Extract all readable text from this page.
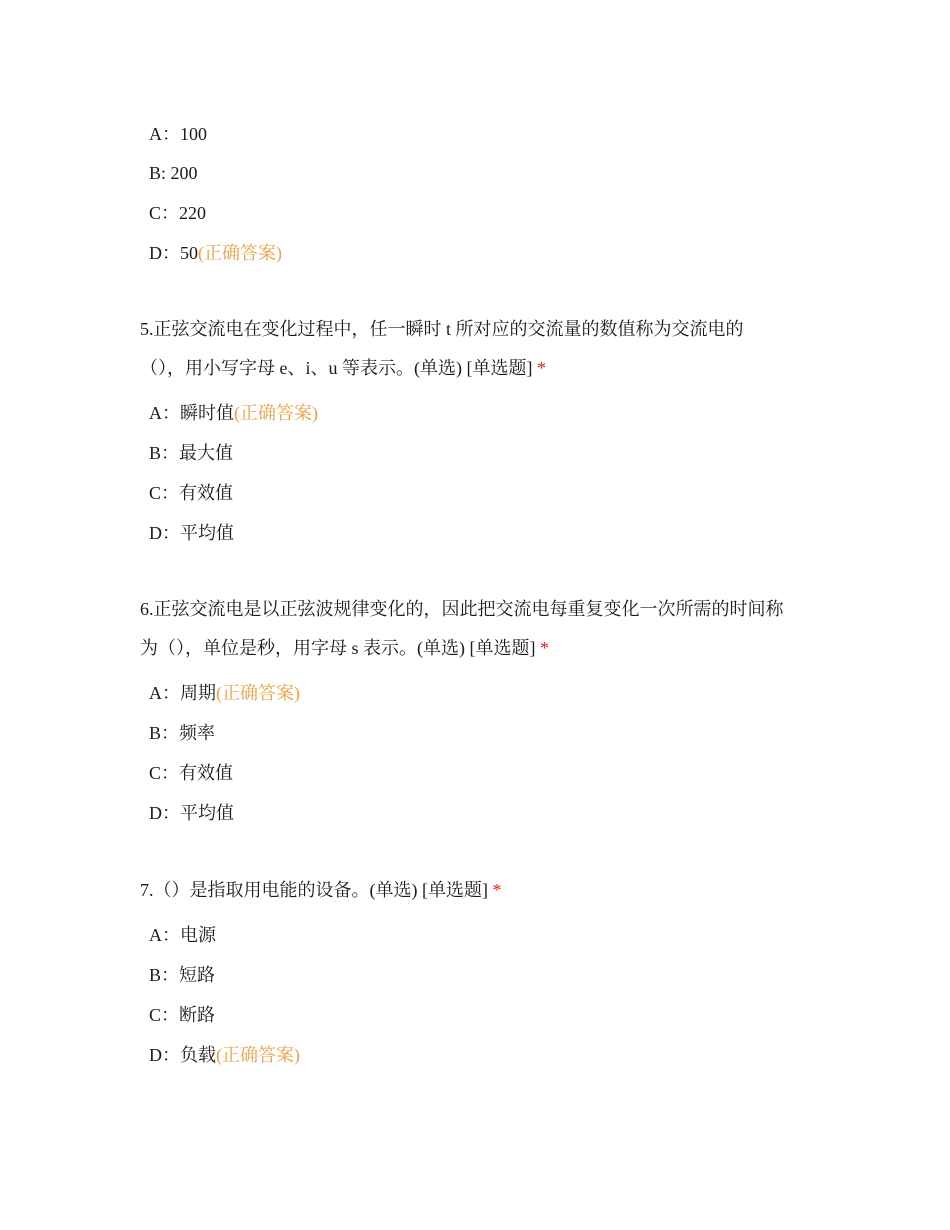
A：100
B: 200
C：220
D：50(正确答案)
5.正弦交流电在变化过程中，任一瞬时 t 所对应的交流量的数值称为交流电的
（），用小写字母 e、i、u 等表示。(单选) [单选题] *
A：瞬时值(正确答案)
B：最大值
C：有效值
D：平均值
6.正弦交流电是以正弦波规律变化的，因此把交流电每重复变化一次所需的时间称
为（），单位是秒，用字母 s 表示。(单选) [单选题] *
A：周期(正确答案)
B：频率
C：有效值
D：平均值
7.（）是指取用电能的设备。(单选) [单选题] *
A：电源
B：短路
C：断路
D：负载(正确答案)
